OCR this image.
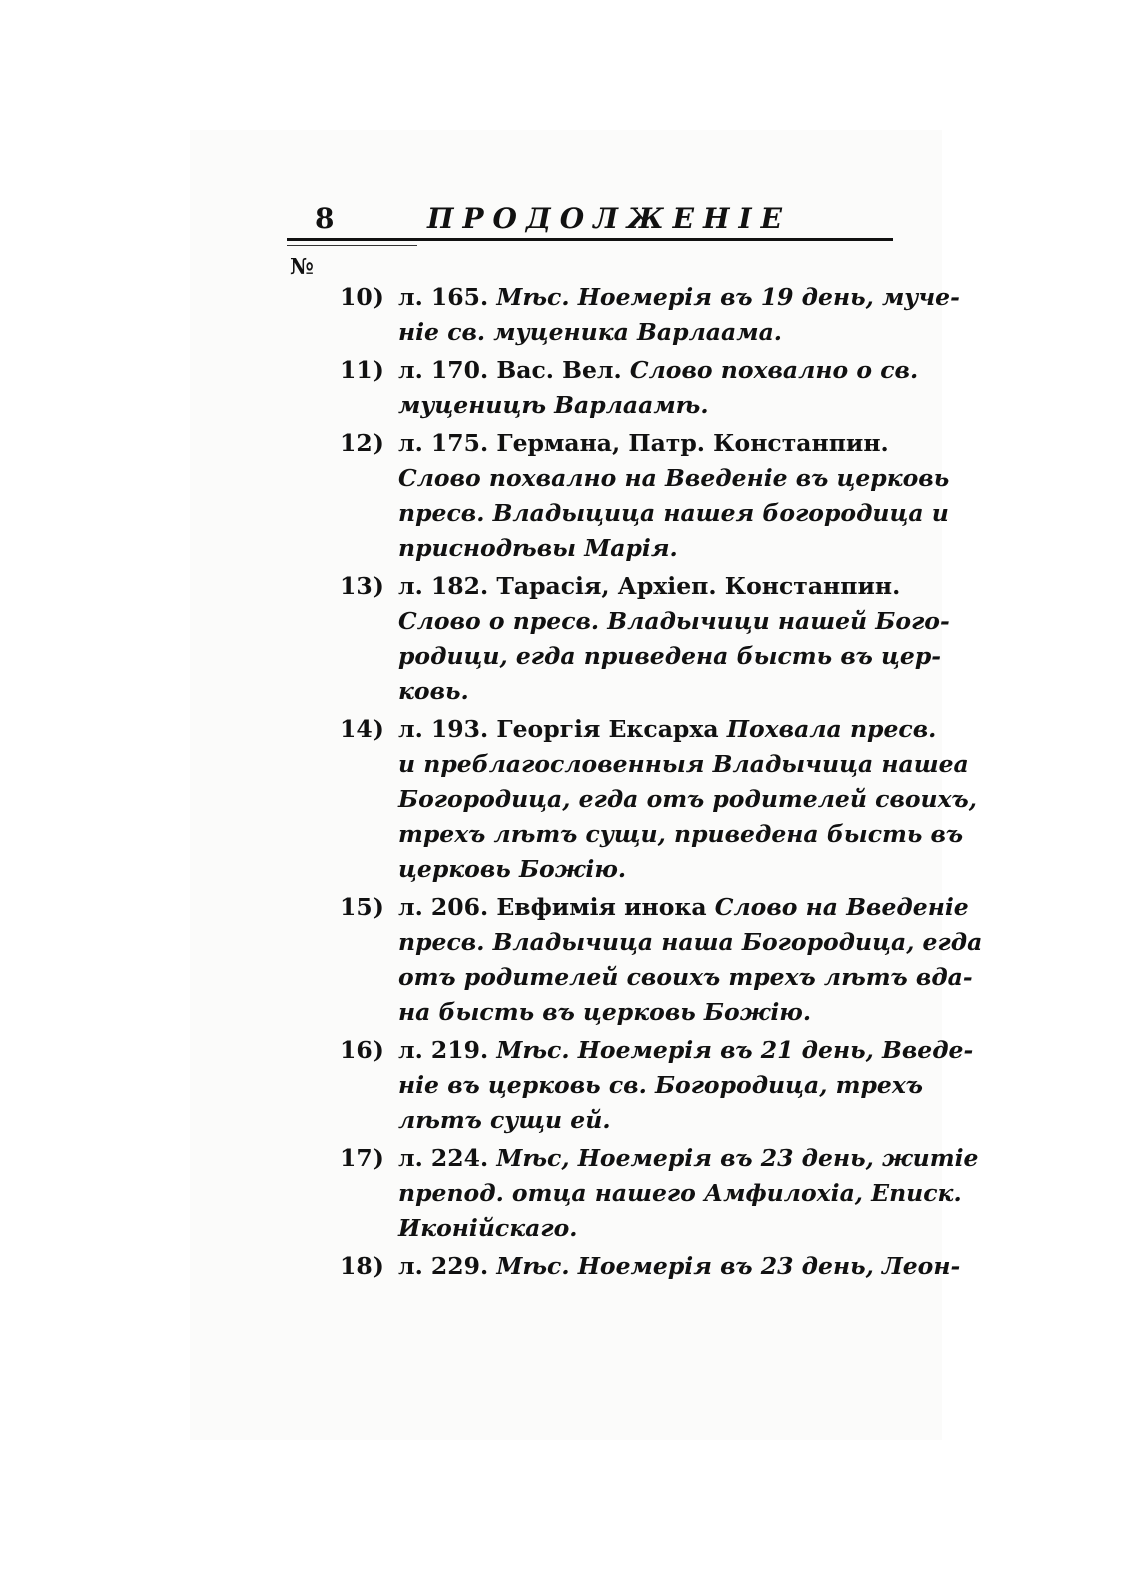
8	ПРОДОЛЖЕНІЕ
№
10) л. 165. Мѣс. Ноемерія въ 19 день, муче-
ніе св. муценика Варлаама.
11) л. 170. Вас. Вел. Слово похвално о св.
муценицѣ Варлаамѣ.
12) л. 175. Германа, Патр. Констанпин.
Слово похвално на Введеніе въ церковь
пресв. Владыцица нашея богородица и
приснодѣвы Марія.
13) л. 182. Тарасія, Архіеп. Констанпин.
Слово о пресв. Владычици нашей Бого-
родици, егда приведена бысть въ цер-
ковь.
14) л. 193. Георгія Ексарха Похвала пресв.
и преблагословенныя Владычица нашеа
Богородица, егда отъ родителей своихъ,
трехъ лѣтъ сущи, приведена бысть въ
церковь Божію.
15) л. 206. Евфимія инока Слово на Введеніе
пресв. Владычица наша Богородица, егда
отъ родителей своихъ трехъ лѣтъ вда-
на бысть въ церковь Божію.
16) л. 219. Мѣс. Ноемерія въ 21 день, Введе-
ніе въ церковь св. Богородица, трехъ
лѣтъ сущи ей.
17) л. 224. Мѣс, Ноемерія въ 23 день, житіе
препод. отца нашего Амфилохіа, Еписк.
Иконійскаго.
18) л. 229. Мѣс. Ноемерія въ 23 день, Леон-
